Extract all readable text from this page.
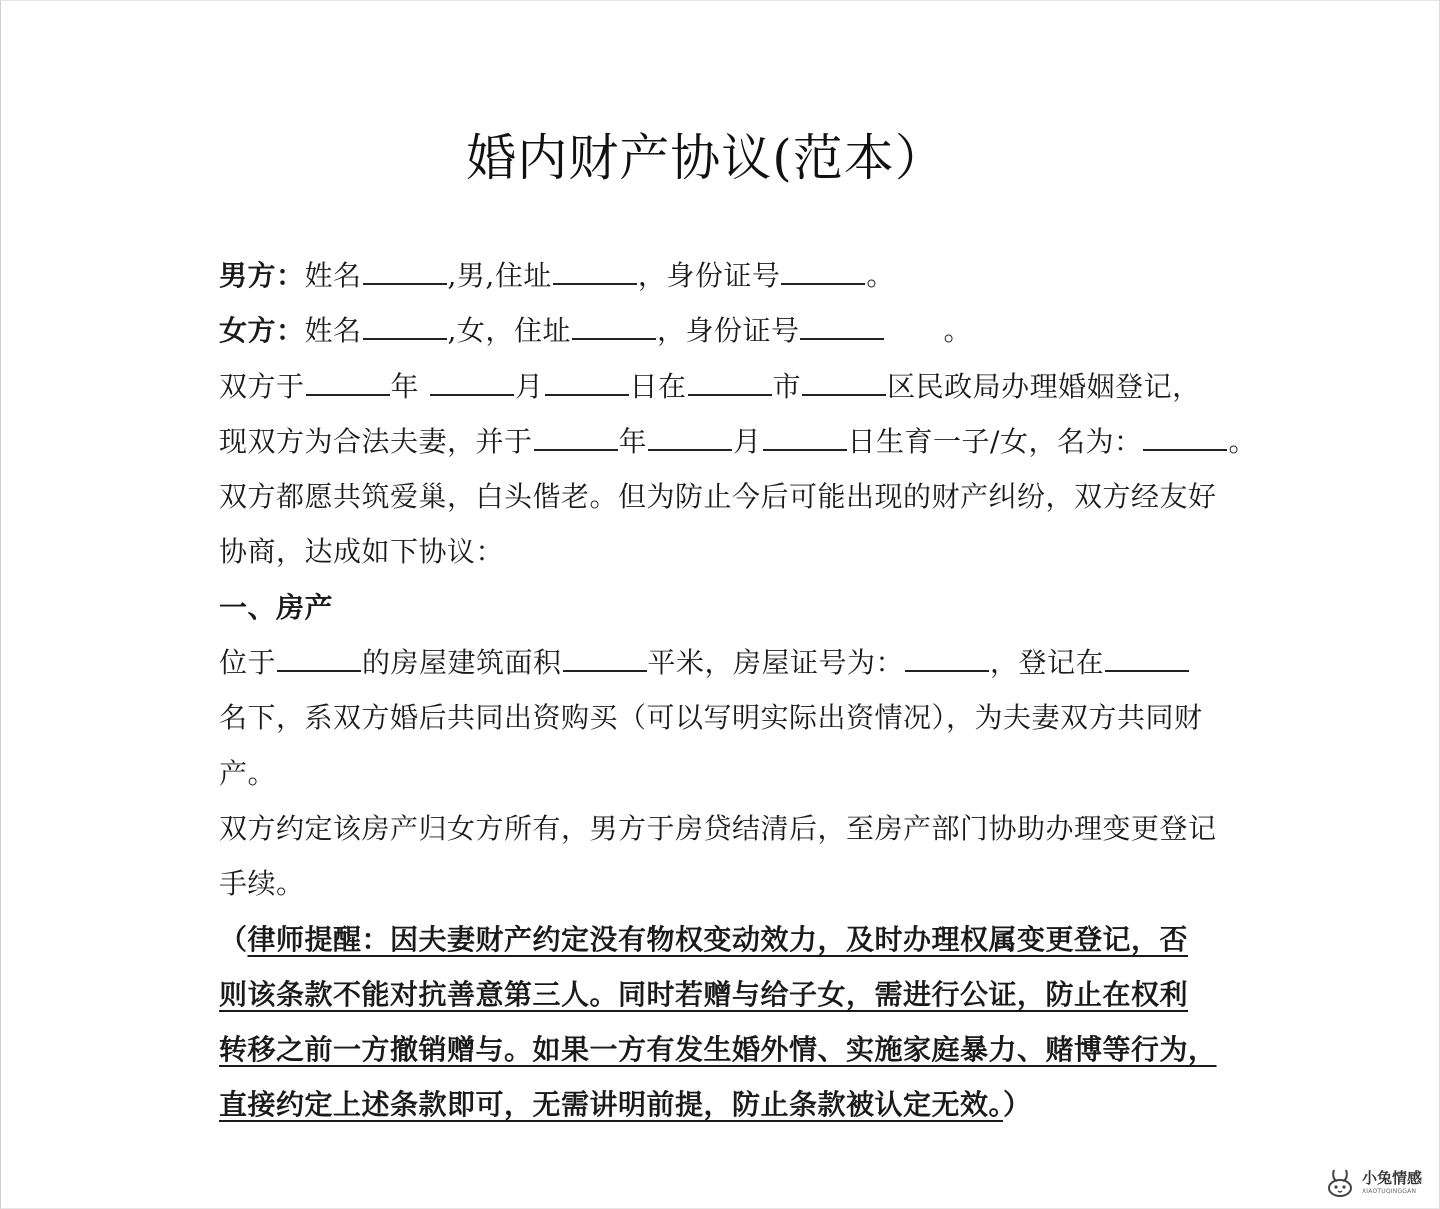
婚内财产协议(范本）
男方：姓名	,男,住址	，身份证号	。
女方：姓名	,女，住址	，身份证号	。
双方于	年	月	日在	市	区民政局办理婚姻登记，
现双方为合法夫妻，并于	年	月	日生育一子/女，名为：	。
双方都愿共筑爱巢，白头偕老。但为防止今后可能出现的财产纠纷，双方经友好
协商，达成如下协议：
一、房产
位于	的房屋建筑面积	平米，房屋证号为：	，登记在
名下，系双方婚后共同出资购买（可以写明实际出资情况），为夫妻双方共同财
产。
双方约定该房产归女方所有，男方于房贷结清后，至房产部门协助办理变更登记
手续。
（律师提醒：因夫妻财产约定没有物权变动效力，及时办理权属变更登记，否
则该条款不能对抗善意第三人。同时若赠与给子女，需进行公证，防止在权利
转移之前一方撤销赠与。如果一方有发生婚外情、实施家庭暴力、赌博等行为，
直接约定上述条款即可，无需讲明前提，防止条款被认定无效。）
小兔情感
XIAOTUQINGGAN
